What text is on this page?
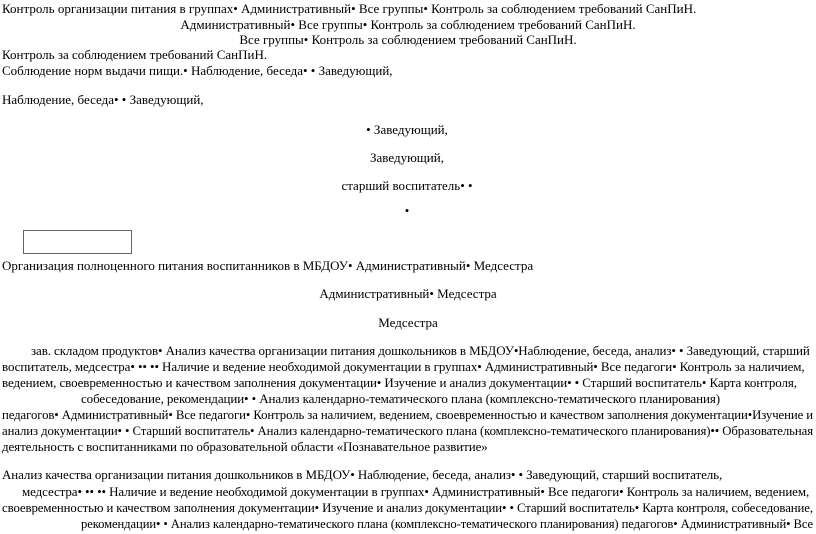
Контроль организации питания в группах• Административный• Все группы• Контроль за соблюдением требований СанПиН.
Административный• Все группы• Контроль за соблюдением требований СанПиН.
Все группы• Контроль за соблюдением требований СанПиН.
Контроль за соблюдением требований СанПиН.
Соблюдение норм выдачи пищи.• Наблюдение, беседа• • Заведующий,
Наблюдение, беседа• • Заведующий,
• Заведующий,
Заведующий,
старший воспитатель• •
•
Организация полноценного питания воспитанников в МБДОУ• Административный• Медсестра
Административный• Медсестра
Медсестра
зав. складом продуктов• Анализ качества организации питания дошкольников в МБДОУ•Наблюдение, беседа, анализ• • Заведующий, старший
воспитатель, медсестра• •• •• Наличие и ведение необходимой документации в группах• Административный• Все педагоги• Контроль за наличием,
ведением, своевременностью и качеством заполнения документации• Изучение и анализ документации• • Старший воспитатель• Карта контроля,
собеседование, рекомендации• • Анализ календарно-тематического плана (комплексно-тематического планирования)
педагогов• Административный• Все педагоги• Контроль за наличием, ведением, своевременностью и качеством заполнения документации•Изучение и
анализ документации• • Старший воспитатель• Анализ календарно-тематического плана (комплексно-тематического планирования)•• Образовательная
деятельность с воспитанниками по образовательной области «Познавательное развитие»
Анализ качества организации питания дошкольников в МБДОУ• Наблюдение, беседа, анализ• • Заведующий, старший воспитатель,
медсестра• •• •• Наличие и ведение необходимой документации в группах• Административный• Все педагоги• Контроль за наличием, ведением,
своевременностью и качеством заполнения документации• Изучение и анализ документации• • Старший воспитатель• Карта контроля, собеседование,
рекомендации• • Анализ календарно-тематического плана (комплексно-тематического планирования) педагогов• Административный• Все
